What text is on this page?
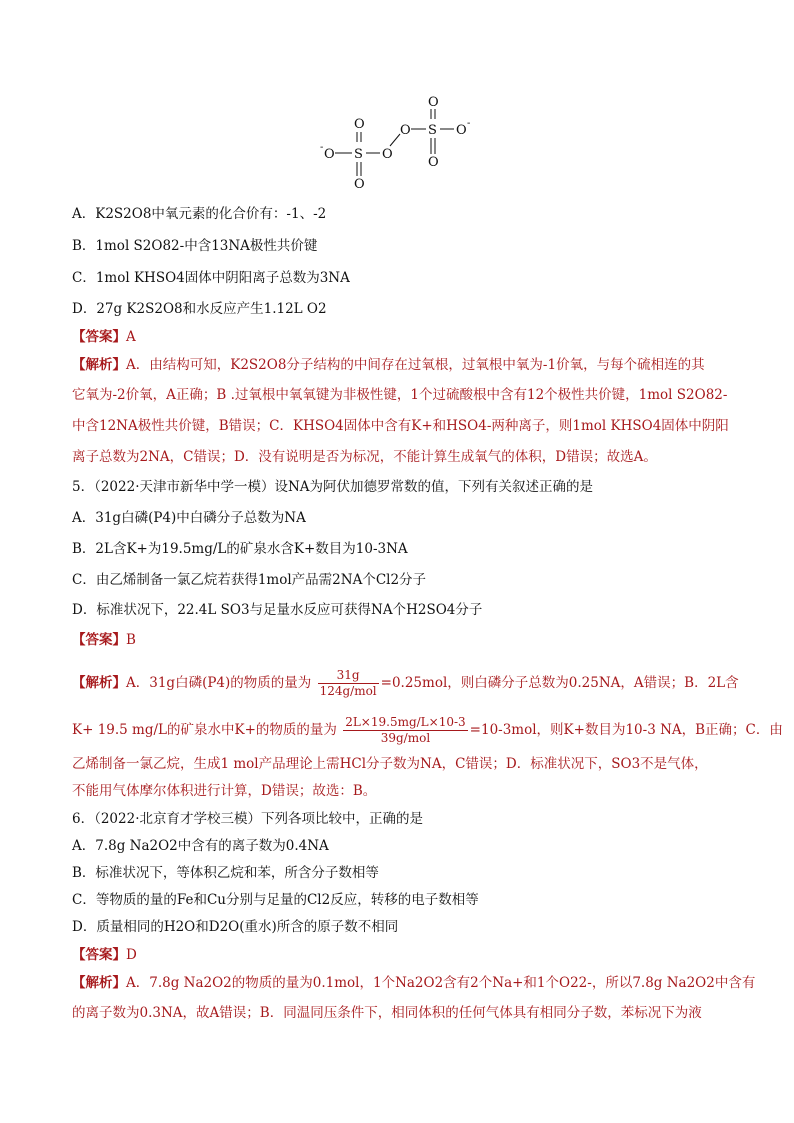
- O S
O
O
O
O S
O
O
O -
A．K2S2O8中氧元素的化合价有：-1、-2
B．1mol S2O82-中含13NA极性共价键
C．1mol KHSO4固体中阴阳离子总数为3NA
D．27g K2S2O8和水反应产生1.12L O2
【答案】A
【解析】A．由结构可知，K2S2O8分子结构的中间存在过氧根，过氧根中氧为-1价氧，与每个硫相连的其
它氧为-2价氧，A正确；B .过氧根中氧氧键为非极性键，1个过硫酸根中含有12个极性共价键，1mol S2O82-
中含12NA极性共价键，B错误；C．KHSO4固体中含有K+和HSO4-两种离子，则1mol KHSO4固体中阴阳
离子总数为2NA，C错误；D．没有说明是否为标况，不能计算生成氧气的体积，D错误；故选A。
5．（2022·天津市新华中学一模）设NA为阿伏加德罗常数的值，下列有关叙述正确的是
A．31g白磷(P4)中白磷分子总数为NA
B．2L含K+为19.5mg/L的矿泉水含K+数目为10-3NA
C．由乙烯制备一氯乙烷若获得1mol产品需2NA个Cl2分子
D．标准状况下，22.4L SO3与足量水反应可获得NA个H2SO4分子
【答案】B
【解析】A．31g白磷(P4)的物质的量为	31g
124g/mol =0.25mol，则白磷分子总数为0.25NA，A错误；B．2L含
K+ 19.5 mg/L的矿泉水中K+的物质的量为 2L×19.5mg/L×10-3
39g/mol	=10-3mol，则K+数目为10-3 NA，B正确；C．由
乙烯制备一氯乙烷，生成1 mol产品理论上需HCl分子数为NA，C错误；D．标准状况下，SO3不是气体，
不能用气体摩尔体积进行计算，D错误；故选：B。
6．（2022·北京育才学校三模）下列各项比较中，正确的是
A．7.8g Na2O2中含有的离子数为0.4NA
B．标准状况下，等体积乙烷和苯，所含分子数相等
C．等物质的量的Fe和Cu分别与足量的Cl2反应，转移的电子数相等
D．质量相同的H2O和D2O(重水)所含的原子数不相同
【答案】D
【解析】A．7.8g Na2O2的物质的量为0.1mol，1个Na2O2含有2个Na+和1个O22-，所以7.8g Na2O2中含有
的离子数为0.3NA，故A错误；B．同温同压条件下，相同体积的任何气体具有相同分子数，苯标况下为液
